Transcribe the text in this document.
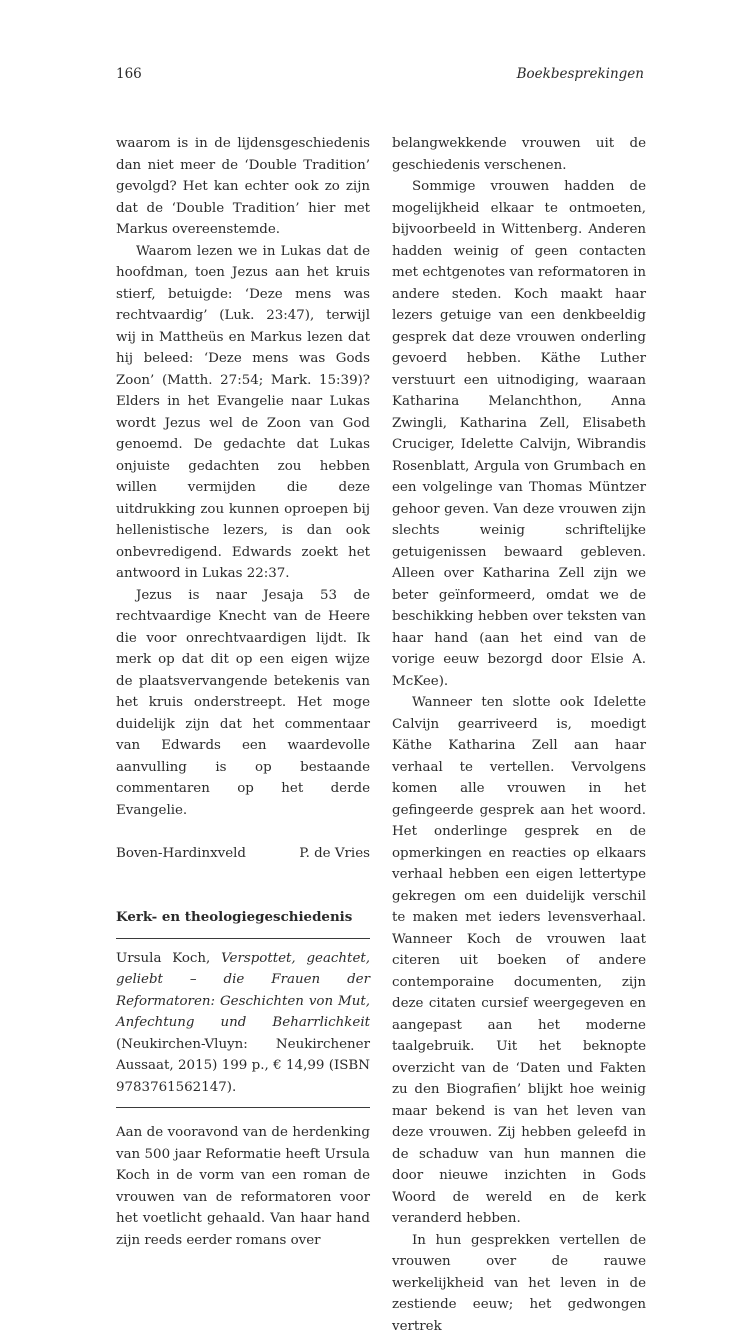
166	Boekbesprekingen

waarom is in de lijdensgeschiedenis dan niet meer de ‘Double Tradition’ gevolgd? Het kan echter ook zo zijn dat de ‘Double Tradition’ hier met Markus overeenstemde.

Waarom lezen we in Lukas dat de hoofdman, toen Jezus aan het kruis stierf, betuigde: ‘Deze mens was rechtvaardig’ (Luk. 23:47), terwijl wij in Mattheüs en Markus lezen dat hij beleed: ‘Deze mens was Gods Zoon’ (Matth. 27:54; Mark. 15:39)? Elders in het Evangelie naar Lukas wordt Jezus wel de Zoon van God genoemd. De gedachte dat Lukas onjuiste gedachten zou hebben willen vermijden die deze uitdrukking zou kunnen oproepen bij hellenistische lezers, is dan ook onbevredigend. Edwards zoekt het antwoord in Lukas 22:37.

Jezus is naar Jesaja 53 de rechtvaardige Knecht van de Heere die voor onrechtvaardigen lijdt. Ik merk op dat dit op een eigen wijze de plaatsvervangende betekenis van het kruis onderstreept. Het moge duidelijk zijn dat het commentaar van Edwards een waardevolle aanvulling is op bestaande commentaren op het derde Evangelie.

Boven-Hardinxveld	P. de Vries
Kerk- en theologiegeschiedenis

Ursula Koch, Verspottet, geachtet, geliebt – die Frauen der Reformatoren: Geschichten von Mut, Anfechtung und Beharrlichkeit (Neukirchen-Vluyn: Neukirchener Aussaat, 2015) 199 p., € 14,99 (ISBN 9783761562147).

Aan de vooravond van de herdenking van 500 jaar Reformatie heeft Ursula Koch in de vorm van een roman de vrouwen van de reformatoren voor het voetlicht gehaald. Van haar hand zijn reeds eerder romans over

belangwekkende vrouwen uit de geschiedenis verschenen.

Sommige vrouwen hadden de mogelijkheid elkaar te ontmoeten, bijvoorbeeld in Wittenberg. Anderen hadden weinig of geen contacten met echtgenotes van reformatoren in andere steden. Koch maakt haar lezers getuige van een denkbeeldig gesprek dat deze vrouwen onderling gevoerd hebben. Käthe Luther verstuurt een uitnodiging, waaraan Katharina Melanchthon, Anna Zwingli, Katharina Zell, Elisabeth Cruciger, Idelette Calvijn, Wibrandis Rosenblatt, Argula von Grumbach en een volgelinge van Thomas Müntzer gehoor geven. Van deze vrouwen zijn slechts weinig schriftelijke getuigenissen bewaard gebleven. Alleen over Katharina Zell zijn we beter geïnformeerd, omdat we de beschikking hebben over teksten van haar hand (aan het eind van de vorige eeuw bezorgd door Elsie A. McKee).

Wanneer ten slotte ook Idelette Calvijn gearriveerd is, moedigt Käthe Katharina Zell aan haar verhaal te vertellen. Vervolgens komen alle vrouwen in het gefingeerde gesprek aan het woord. Het onderlinge gesprek en de opmerkingen en reacties op elkaars verhaal hebben een eigen lettertype gekregen om een duidelijk verschil te maken met ieders levensverhaal. Wanneer Koch de vrouwen laat citeren uit boeken of andere contemporaine documenten, zijn deze citaten cursief weergegeven en aangepast aan het moderne taalgebruik. Uit het beknopte overzicht van de ‘Daten und Fakten zu den Biografien’ blijkt hoe weinig maar bekend is van het leven van deze vrouwen. Zij hebben geleefd in de schaduw van hun mannen die door nieuwe inzichten in Gods Woord de wereld en de kerk veranderd hebben.

In hun gesprekken vertellen de vrouwen over de rauwe werkelijkheid van het leven in de zestiende eeuw; het gedwongen vertrek
